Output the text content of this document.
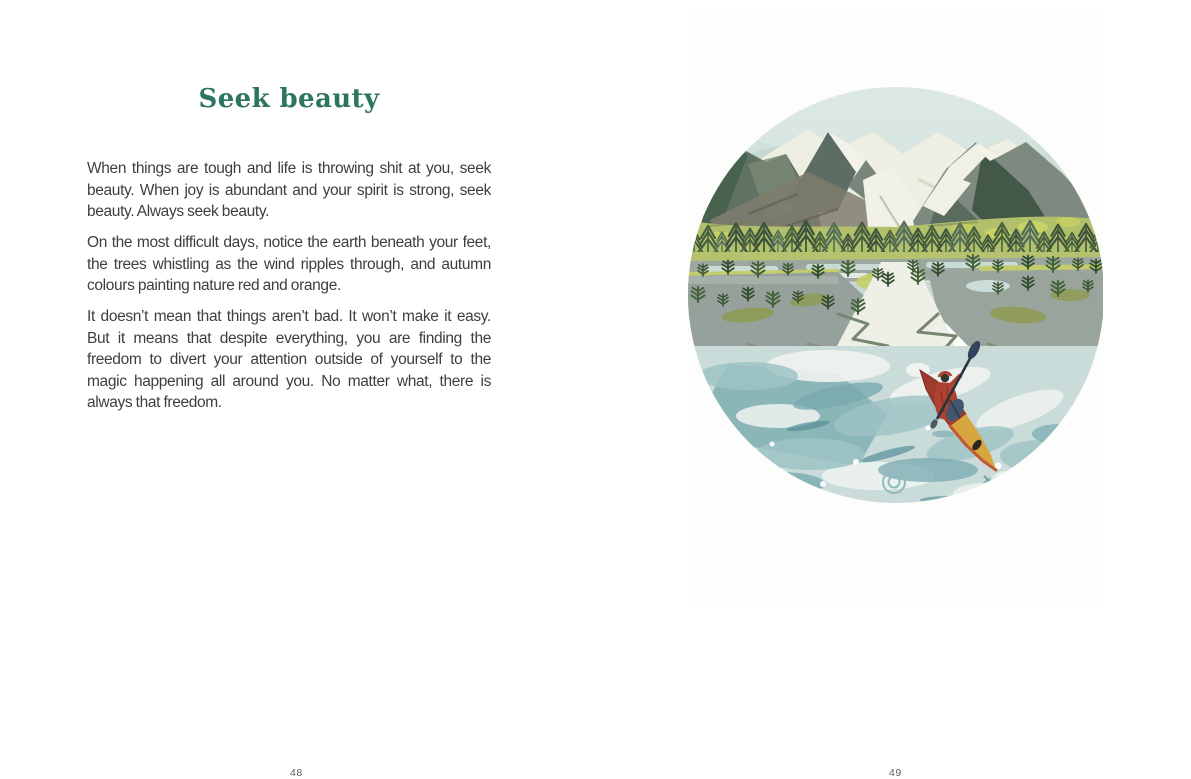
Seek beauty

When things are tough and life is throwing shit at you, seek beauty. When joy is abundant and your spirit is strong, seek beauty. Always seek beauty.

On the most difficult days, notice the earth beneath your feet, the trees whistling as the wind ripples through, and autumn colours painting nature red and orange.

It doesn’t mean that things aren’t bad. It won’t make it easy. But it means that despite everything, you are finding the freedom to divert your attention outside of yourself to the magic happening all around you. No matter what, there is always that freedom.

48	49
